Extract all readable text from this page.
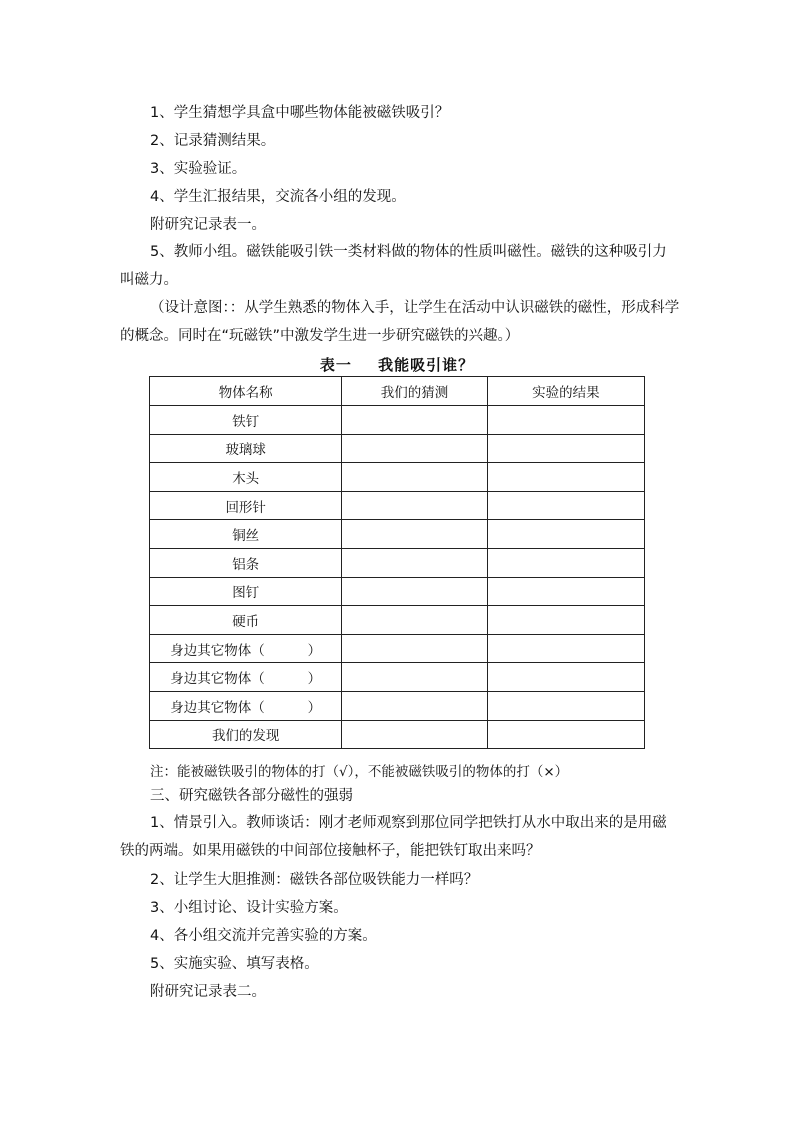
1、学生猜想学具盒中哪些物体能被磁铁吸引？
2、记录猜测结果。
3、实验验证。
4、学生汇报结果，交流各小组的发现。
附研究记录表一。
5、教师小组。磁铁能吸引铁一类材料做的物体的性质叫磁性。磁铁的这种吸引力叫磁力。
（设计意图：：从学生熟悉的物体入手，让学生在活动中认识磁铁的磁性，形成科学的概念。同时在“玩磁铁”中激发学生进一步研究磁铁的兴趣。）
表一 我能吸引谁？
物体名称	我们的猜测	实验的结果
铁钉		
玻璃球		
木头		
回形针		
铜丝		
铝条		
图钉		
硬币		
身边其它物体（          ）		
身边其它物体（          ）		
身边其它物体（          ）		
我们的发现		
注：能被磁铁吸引的物体的打（√），不能被磁铁吸引的物体的打（×）
三、研究磁铁各部分磁性的强弱
1、情景引入。教师谈话：刚才老师观察到那位同学把铁打从水中取出来的是用磁铁的两端。如果用磁铁的中间部位接触杯子，能把铁钉取出来吗？
2、让学生大胆推测：磁铁各部位吸铁能力一样吗？
3、小组讨论、设计实验方案。
4、各小组交流并完善实验的方案。
5、实施实验、填写表格。
附研究记录表二。
